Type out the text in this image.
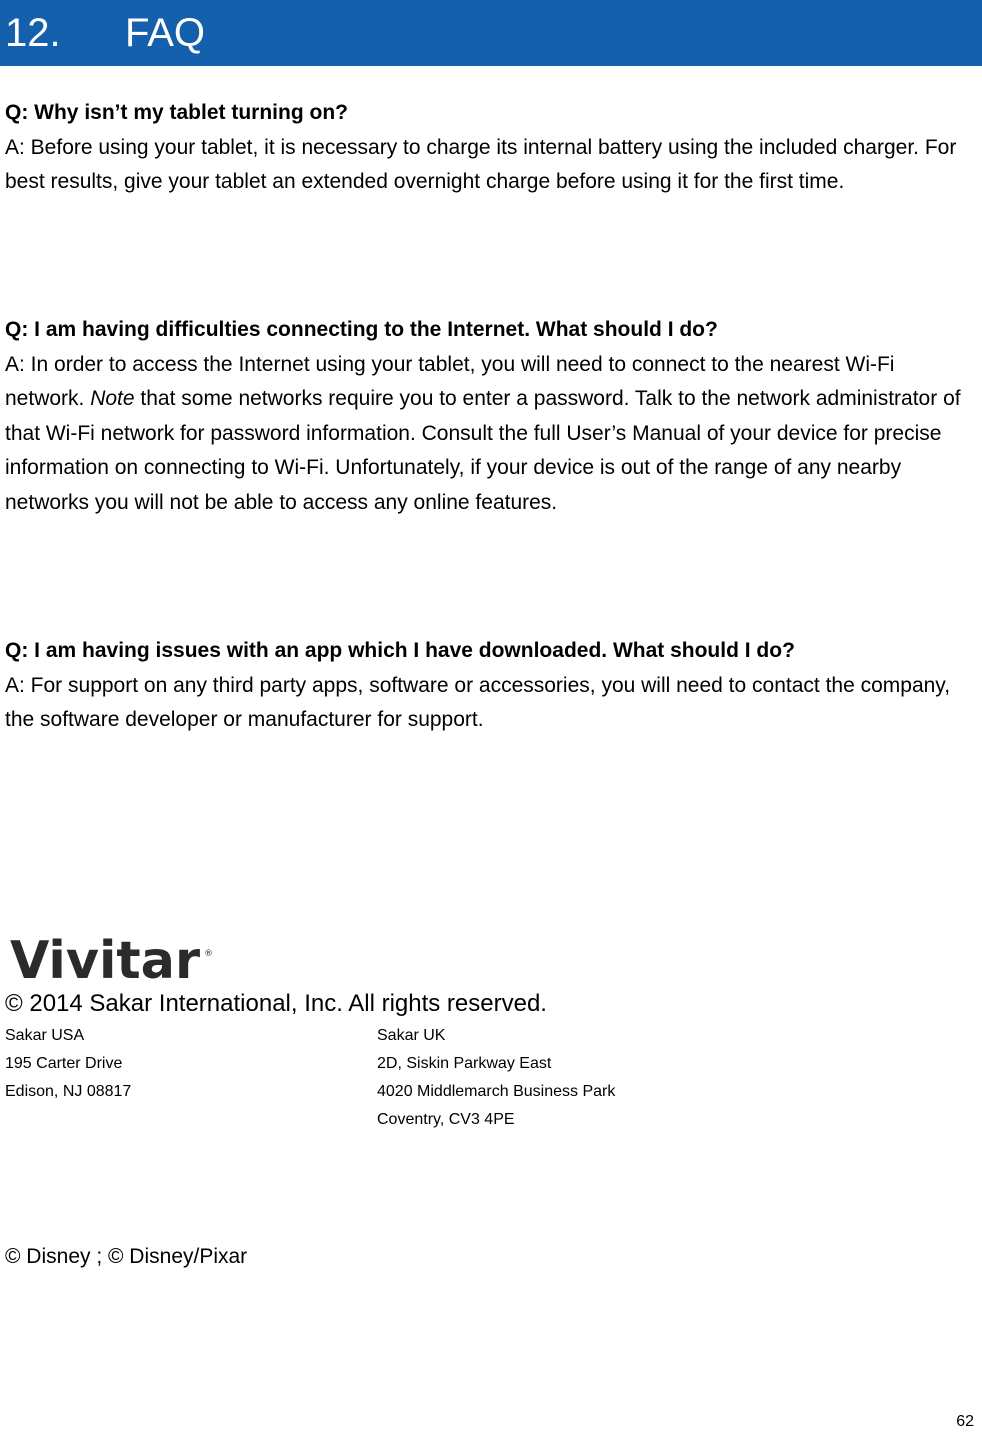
12. FAQ

Q: Why isn’t my tablet turning on?

A: Before using your tablet, it is necessary to charge its internal battery using the included charger. For best results, give your tablet an extended overnight charge before using it for the first time.

Q: I am having difficulties connecting to the Internet. What should I do?

A: In order to access the Internet using your tablet, you will need to connect to the nearest Wi-Fi network. Note that some networks require you to enter a password. Talk to the network administrator of that Wi-Fi network for password information. Consult the full User’s Manual of your device for precise information on connecting to Wi-Fi. Unfortunately, if your device is out of the range of any nearby networks you will not be able to access any online features.

Q: I am having issues with an app which I have downloaded. What should I do?

A: For support on any third party apps, software or accessories, you will need to contact the company, the software developer or manufacturer for support.

Vivitar ®
© 2014 Sakar International, Inc. All rights reserved.
Sakar USA
195 Carter Drive
Edison, NJ 08817
Sakar UK
2D, Siskin Parkway East
4020 Middlemarch Business Park
Coventry, CV3 4PE
© Disney ; © Disney/Pixar
62
